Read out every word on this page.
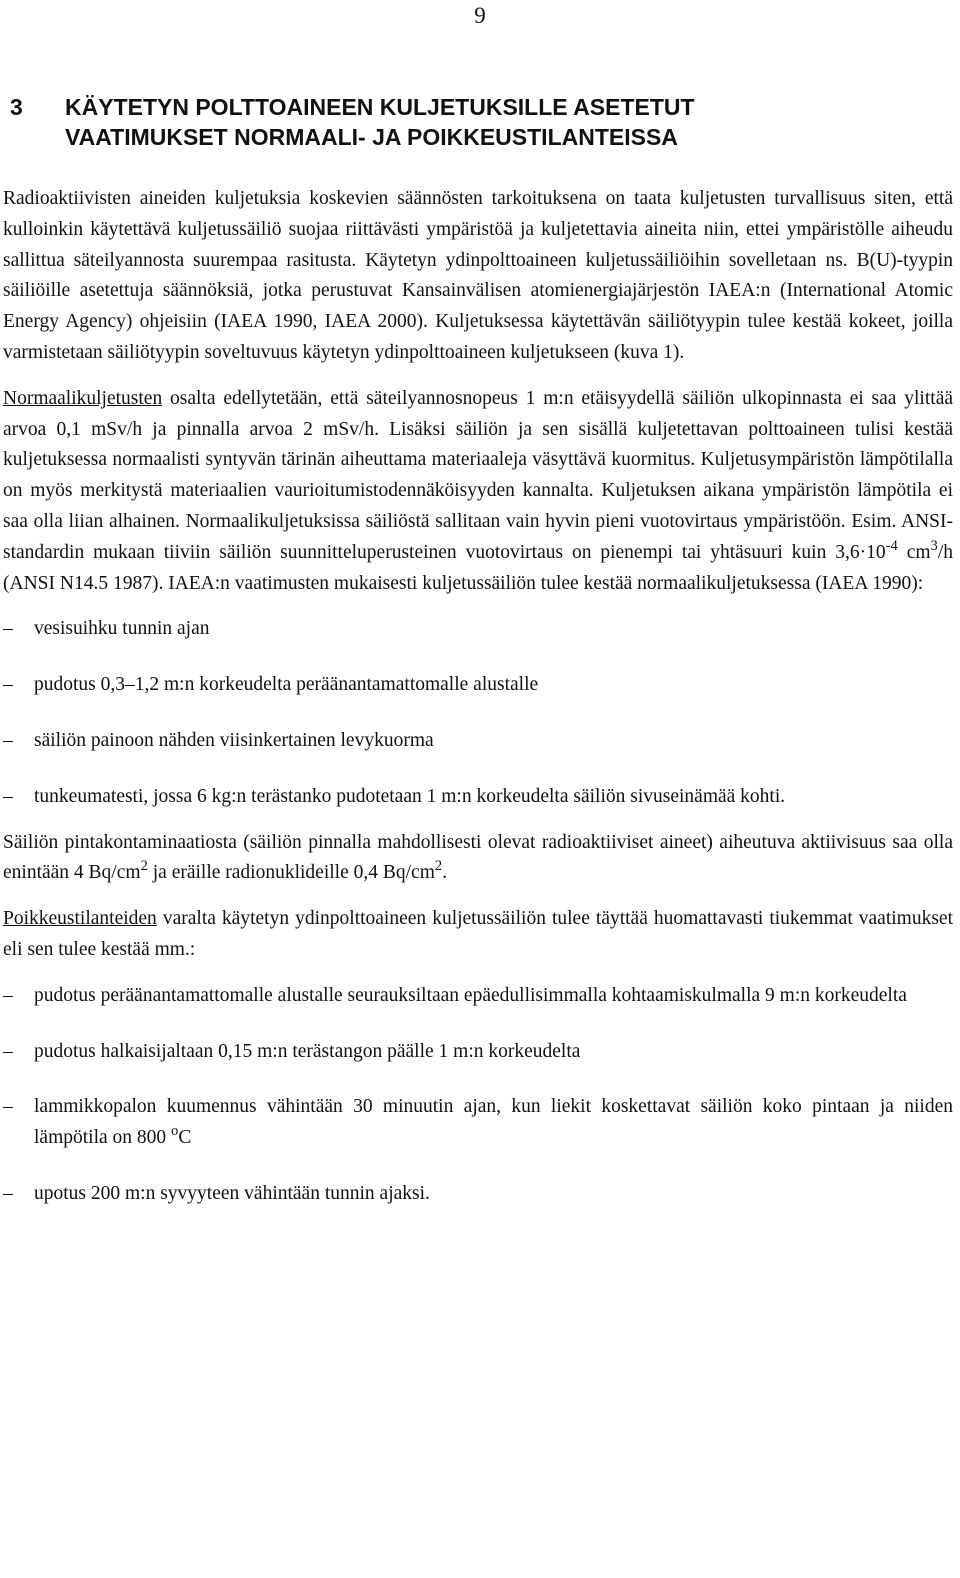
9
3 KÄYTETYN POLTTOAINEEN KULJETUKSILLE ASETETUT
VAATIMUKSET NORMAALI- JA POIKKEUSTILANTEISSA

Radioaktiivisten aineiden kuljetuksia koskevien säännösten tarkoituksena on taata kuljetusten turvallisuus siten, että kulloinkin käytettävä kuljetussäiliö suojaa riittävästi ympäristöä ja kuljetettavia aineita niin, ettei ympäristölle aiheudu sallittua säteilyannosta suurempaa rasitusta. Käytetyn ydinpolttoaineen kuljetussäiliöihin sovelletaan ns. B(U)-tyypin säiliöille asetettuja säännöksiä, jotka perustuvat Kansainvälisen atomienergiajärjestön IAEA:n (International Atomic Energy Agency) ohjeisiin (IAEA 1990, IAEA 2000). Kuljetuksessa käytettävän säiliötyypin tulee kestää kokeet, joilla varmistetaan säiliötyypin soveltuvuus käytetyn ydinpolttoaineen kuljetukseen (kuva 1).

Normaalikuljetusten osalta edellytetään, että säteilyannosnopeus 1 m:n etäisyydellä säiliön ulkopinnasta ei saa ylittää arvoa 0,1 mSv/h ja pinnalla arvoa 2 mSv/h. Lisäksi säiliön ja sen sisällä kuljetettavan polttoaineen tulisi kestää kuljetuksessa normaalisti syntyvän tärinän aiheuttama materiaaleja väsyttävä kuormitus. Kuljetusympäristön lämpötilalla on myös merkitystä materiaalien vaurioitumistodennäköisyyden kannalta. Kuljetuksen aikana ympäristön lämpötila ei saa olla liian alhainen. Normaalikuljetuksissa säiliöstä sallitaan vain hyvin pieni vuotovirtaus ympäristöön. Esim. ANSI-standardin mukaan tiiviin säiliön suunnitteluperusteinen vuotovirtaus on pienempi tai yhtäsuuri kuin $3,6\cdot 10^{-4}$ $cm^3/h$ (ANSI N14.5 1987). IAEA:n vaatimusten mukaisesti kuljetussäiliön tulee kestää normaalikuljetuksessa (IAEA 1990):

– vesisuihku tunnin ajan
– pudotus 0,3–1,2 m:n korkeudelta peräänantamattomalle alustalle
– säiliön painoon nähden viisinkertainen levykuorma
– tunkeumatesti, jossa 6 kg:n terästanko pudotetaan 1 m:n korkeudelta säiliön sivuseinämää kohti.

Säiliön pintakontaminaatiosta (säiliön pinnalla mahdollisesti olevat radioaktiiviset aineet) aiheutuva aktiivisuus saa olla enintään 4 $Bq/cm^2$ ja eräille radionuklideille 0,4 $Bq/cm^2$.

Poikkeustilanteiden varalta käytetyn ydinpolttoaineen kuljetussäiliön tulee täyttää huomattavasti tiukemmat vaatimukset eli sen tulee kestää mm.:

– pudotus peräänantamattomalle alustalle seurauksiltaan epäedullisimmalla kohtaamiskulmalla 9 m:n korkeudelta
– pudotus halkaisijaltaan 0,15 m:n terästangon päälle 1 m:n korkeudelta
– lammikkopalon kuumennus vähintään 30 minuutin ajan, kun liekit koskettavat säiliön koko pintaan ja niiden lämpötila on 800 $^o$C
– upotus 200 m:n syvyyteen vähintään tunnin ajaksi.
